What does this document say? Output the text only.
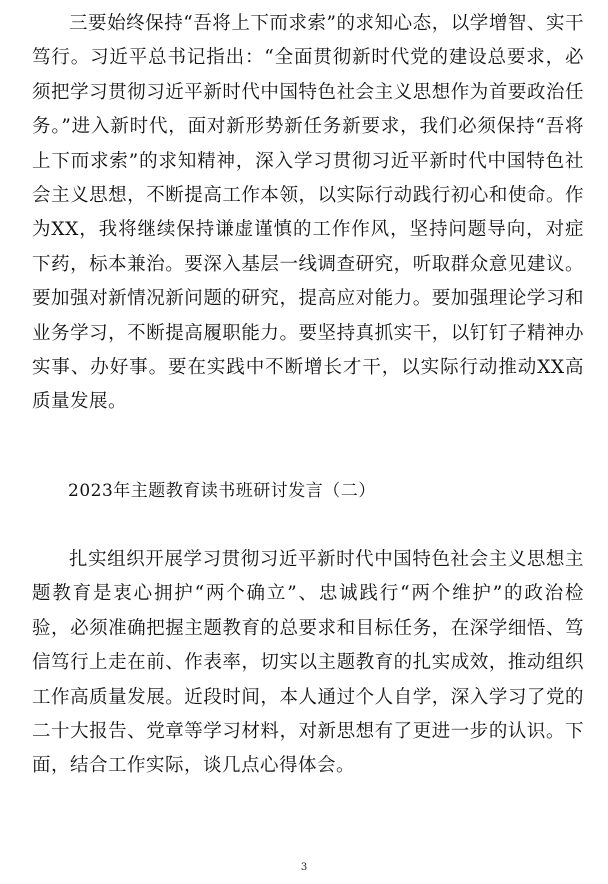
三要始终保持“吾将上下而求索”的求知心态，以学增智、实干笃行。习近平总书记指出：“全面贯彻新时代党的建设总要求，必须把学习贯彻习近平新时代中国特色社会主义思想作为首要政治任务。”进入新时代，面对新形势新任务新要求，我们必须保持“吾将上下而求索”的求知精神，深入学习贯彻习近平新时代中国特色社会主义思想，不断提高工作本领，以实际行动践行初心和使命。作为XX，我将继续保持谦虚谨慎的工作作风，坚持问题导向，对症下药，标本兼治。要深入基层一线调查研究，听取群众意见建议。要加强对新情况新问题的研究，提高应对能力。要加强理论学习和业务学习，不断提高履职能力。要坚持真抓实干，以钉钉子精神办实事、办好事。要在实践中不断增长才干，以实际行动推动XX高质量发展。

2023年主题教育读书班研讨发言（二）

扎实组织开展学习贯彻习近平新时代中国特色社会主义思想主题教育是衷心拥护“两个确立”、忠诚践行“两个维护”的政治检验，必须准确把握主题教育的总要求和目标任务，在深学细悟、笃信笃行上走在前、作表率，切实以主题教育的扎实成效，推动组织工作高质量发展。近段时间，本人通过个人自学，深入学习了党的二十大报告、党章等学习材料，对新思想有了更进一步的认识。下面，结合工作实际，谈几点心得体会。

3
